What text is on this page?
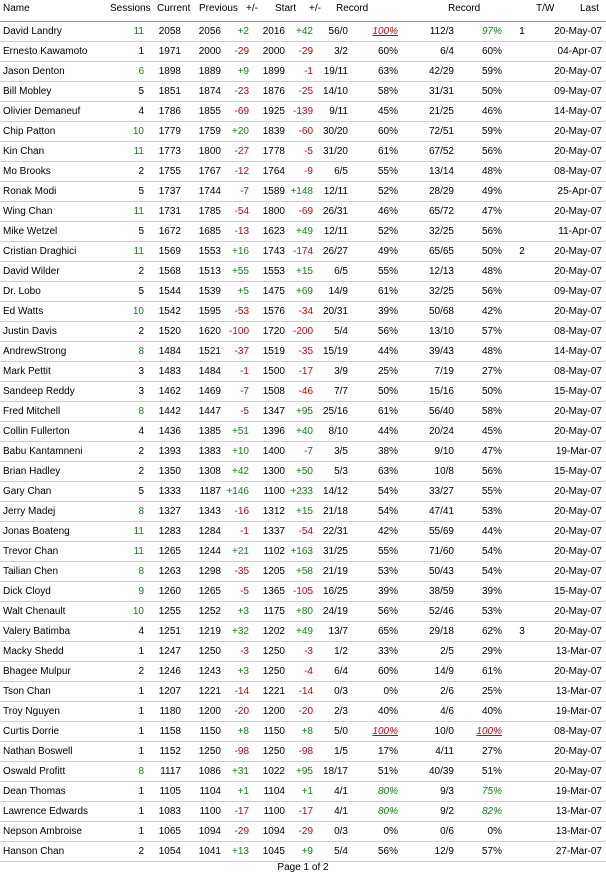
Name	Sessions Current Previous +/- Start +/- Record	Record	T/W	Last
David Landry	11	2058	2056	+2	2016	+42	56/0	100%	112/3	97%	1	20-May-07
Ernesto Kawamoto	1	1971	2000	-29	2000	-29	3/2	60%	6/4	60%	04-Apr-07
Jason Denton	6	1898	1889	+9	1899	-1	19/11	63%	42/29	59%	20-May-07
Bill Mobley	5	1851	1874	-23	1876	-25 14/10	58%	31/31	50%	09-May-07
Olivier Demaneuf	4	1786	1855	-69	1925 -139	9/11	45%	21/25	46%	14-May-07
Chip Patton	10	1779	1759	+20	1839	-60 30/20	60%	72/51	59%	20-May-07
Kin Chan	11	1773	1800	-27	1778	-5 31/20	61%	67/52	56%	20-May-07
Mo Brooks	2	1755	1767	-12	1764	-9	6/5	55%	13/14	48%	08-May-07
Ronak Modi	5	1737	1744	-7	1589 +148	12/11	52%	28/29	49%	25-Apr-07
Wing Chan	11	1731	1785	-54	1800	-69 26/31	46%	65/72	47%	20-May-07
Mike Wetzel	5	1672	1685	-13	1623	+49	12/11	52%	32/25	56%	11-Apr-07
Cristian Draghici	11	1569	1553	+16	1743 -174 26/27	49%	65/65	50%	2	20-May-07
David Wilder	2	1568	1513	+55	1553	+15	6/5	55%	12/13	48%	20-May-07
Dr. Lobo	5	1544	1539	+5	1475	+69	14/9	61%	32/25	56%	09-May-07
Ed Watts	10	1542	1595	-53	1576	-34 20/31	39%	50/68	42%	20-May-07
Justin Davis	2	1520	1620 -100	1720 -200	5/4	56%	13/10	57%	08-May-07
AndrewStrong	8	1484	1521	-37	1519	-35 15/19	44%	39/43	48%	14-May-07
Mark Pettit	3	1483	1484	-1	1500	-17	3/9	25%	7/19	27%	08-May-07
Sandeep Reddy	3	1462	1469	-7	1508	-46	7/7	50%	15/16	50%	15-May-07
Fred Mitchell	8	1442	1447	-5	1347	+95 25/16	61%	56/40	58%	20-May-07
Collin Fullerton	4	1436	1385	+51	1396	+40	8/10	44%	20/24	45%	20-May-07
Babu Kantamneni	2	1393	1383	+10	1400	-7	3/5	38%	9/10	47%	19-Mar-07
Brian Hadley	2	1350	1308	+42	1300	+50	5/3	63%	10/8	56%	15-May-07
Gary Chan	5	1333	1187 +146	1100 +233 14/12	54%	33/27	55%	20-May-07
Jerry Madej	8	1327	1343	-16	1312	+15 21/18	54%	47/41	53%	20-May-07
Jonas Boateng	11	1283	1284	-1	1337	-54 22/31	42%	55/69	44%	20-May-07
Trevor Chan	11	1265	1244	+21	1102 +163 31/25	55%	71/60	54%	20-May-07
Tailian Chen	8	1263	1298	-35	1205	+58 21/19	53%	50/43	54%	20-May-07
Dick Cloyd	9	1260	1265	-5	1365 -105 16/25	39%	38/59	39%	15-May-07
Walt Chenault	10	1255	1252	+3	1175	+80 24/19	56%	52/46	53%	20-May-07
Valery Batimba	4	1251	1219	+32	1202	+49	13/7	65%	29/18	62%	3	20-May-07
Macky Shedd	1	1247	1250	-3	1250	-3	1/2	33%	2/5	29%	13-Mar-07
Bhagee Mulpur	2	1246	1243	+3	1250	-4	6/4	60%	14/9	61%	20-May-07
Tson Chan	1	1207	1221	-14	1221	-14	0/3	0%	2/6	25%	13-Mar-07
Troy Nguyen	1	1180	1200	-20	1200	-20	2/3	40%	4/6	40%	19-Mar-07
Curtis Dorrie	1	1158	1150	+8	1150	+8	5/0	100%	10/0	100%	08-May-07
Nathan Boswell	1	1152	1250	-98	1250	-98	1/5	17%	4/11	27%	20-May-07
Oswald Profitt	8	1117	1086	+31	1022	+95 18/17	51%	40/39	51%	20-May-07
Dean Thomas	1	1105	1104	+1	1104	+1	4/1	80%	9/3	75%	19-Mar-07
Lawrence Edwards	1	1083	1100	-17	1100	-17	4/1	80%	9/2	82%	13-Mar-07
Nepson Ambroise	1	1065	1094	-29	1094	-29	0/3	0%	0/6	0%	13-Mar-07
Hanson Chan	2	1054	1041	+13	1045	+9	5/4	56%	12/9	57%	27-Mar-07
Page 1 of 2
